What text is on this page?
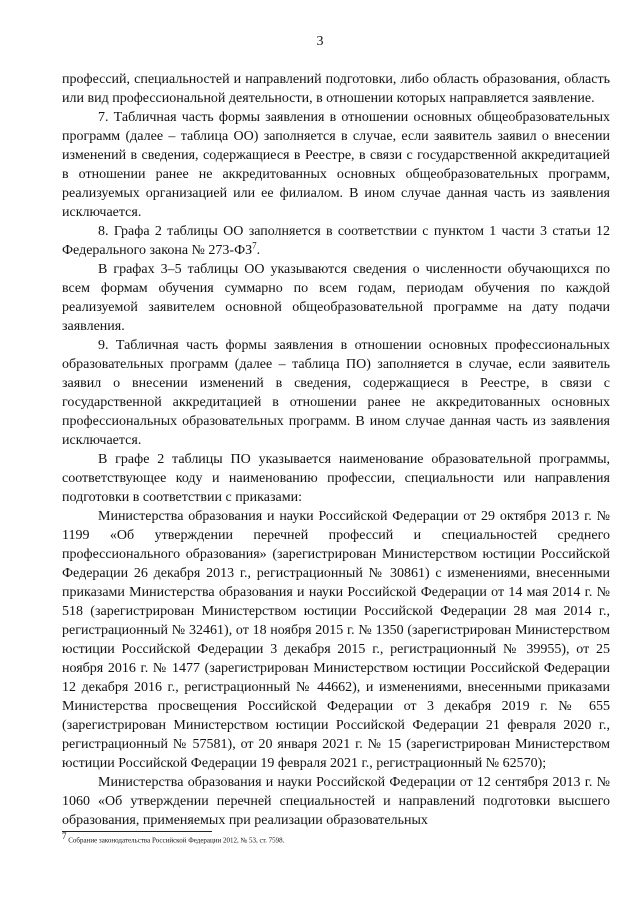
3

профессий, специальностей и направлений подготовки, либо область образования, область или вид профессиональной деятельности, в отношении которых направляется заявление.

7. Табличная часть формы заявления в отношении основных общеобразовательных программ (далее – таблица ОО) заполняется в случае, если заявитель заявил о внесении изменений в сведения, содержащиеся в Реестре, в связи с государственной аккредитацией в отношении ранее не аккредитованных основных общеобразовательных программ, реализуемых организацией или ее филиалом. В ином случае данная часть из заявления исключается.

8. Графа 2 таблицы ОО заполняется в соответствии с пунктом 1 части 3 статьи 12 Федерального закона № $273-ФЗ^7$.

В графах 3–5 таблицы ОО указываются сведения о численности обучающихся по всем формам обучения суммарно по всем годам, периодам обучения по каждой реализуемой заявителем основной общеобразовательной программе на дату подачи заявления.

9. Табличная часть формы заявления в отношении основных профессиональных образовательных программ (далее – таблица ПО) заполняется в случае, если заявитель заявил о внесении изменений в сведения, содержащиеся в Реестре, в связи с государственной аккредитацией в отношении ранее не аккредитованных основных профессиональных образовательных программ. В ином случае данная часть из заявления исключается.

В графе 2 таблицы ПО указывается наименование образовательной программы, соответствующее коду и наименованию профессии, специальности или направления подготовки в соответствии с приказами:

Министерства образования и науки Российской Федерации от 29 октября 2013 г. № 1199 «Об утверждении перечней профессий и специальностей среднего профессионального образования» (зарегистрирован Министерством юстиции Российской Федерации 26 декабря 2013 г., регистрационный № 30861) с изменениями, внесенными приказами Министерства образования и науки Российской Федерации от 14 мая 2014 г. № 518 (зарегистрирован Министерством юстиции Российской Федерации 28 мая 2014 г., регистрационный № 32461), от 18 ноября 2015 г. № 1350 (зарегистрирован Министерством юстиции Российской Федерации 3 декабря 2015 г., регистрационный № 39955), от 25 ноября 2016 г. № 1477 (зарегистрирован Министерством юстиции Российской Федерации 12 декабря 2016 г., регистрационный № 44662), и изменениями, внесенными приказами Министерства просвещения Российской Федерации от 3 декабря 2019 г. № 655 (зарегистрирован Министерством юстиции Российской Федерации 21 февраля 2020 г., регистрационный № 57581), от 20 января 2021 г. № 15 (зарегистрирован Министерством юстиции Российской Федерации 19 февраля 2021 г., регистрационный № 62570);

Министерства образования и науки Российской Федерации от 12 сентября 2013 г. № 1060 «Об утверждении перечней специальностей и направлений подготовки высшего образования, применяемых при реализации образовательных

$^7$ Собрание законодательства Российской Федерации 2012, № 53, ст. 7598.
